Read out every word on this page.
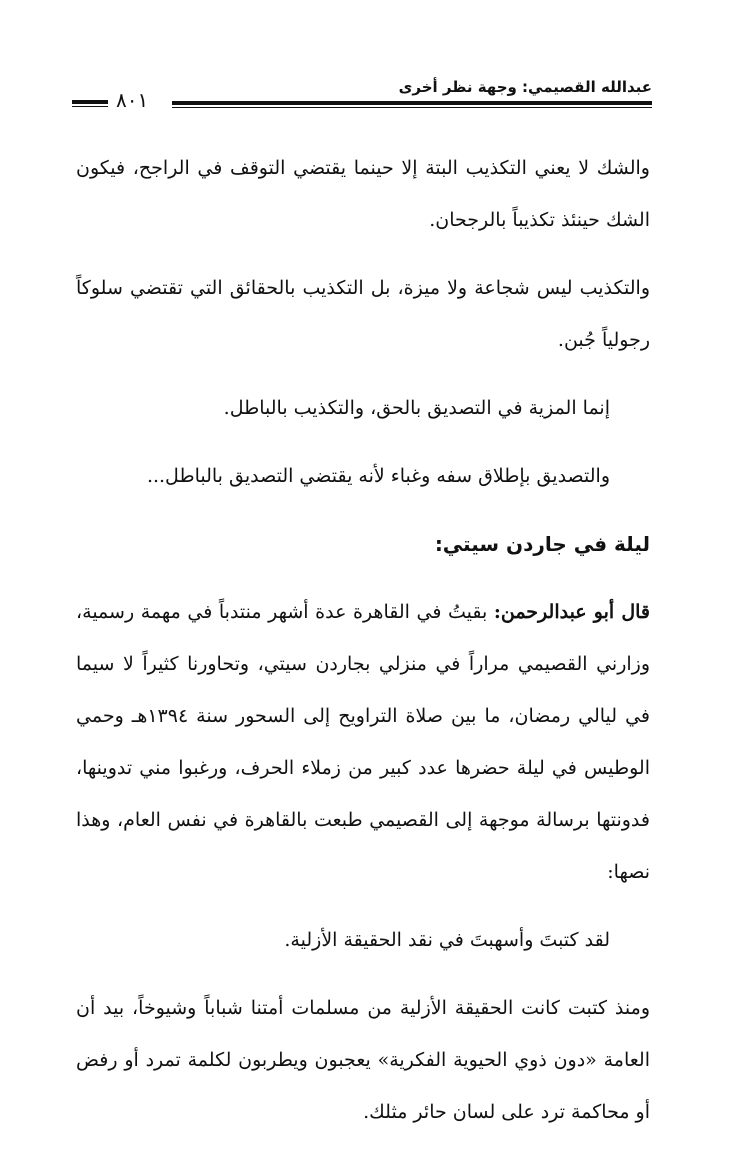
عبدالله القصيمي: وجهة نظر أخرى
٨٠١

والشك لا يعني التكذيب البتة إلا حينما يقتضي التوقف في الراجح، فيكون الشك حينئذ تكذيباً بالرجحان.

والتكذيب ليس شجاعة ولا ميزة، بل التكذيب بالحقائق التي تقتضي سلوكاً رجولياً جُبن.

إنما المزية في التصديق بالحق، والتكذيب بالباطل.

والتصديق بإطلاق سفه وغباء لأنه يقتضي التصديق بالباطل...

ليلة في جاردن سيتي:

قال أبو عبدالرحمن: بقيتُ في القاهرة عدة أشهر منتدباً في مهمة رسمية، وزارني القصيمي مراراً في منزلي بجاردن سيتي، وتحاورنا كثيراً لا سيما في ليالي رمضان، ما بين صلاة التراويح إلى السحور سنة ١٣٩٤هـ وحمي الوطيس في ليلة حضرها عدد كبير من زملاء الحرف، ورغبوا مني تدوينها، فدونتها برسالة موجهة إلى القصيمي طبعت بالقاهرة في نفس العام، وهذا نصها:

لقد كتبتَ وأسهبتَ في نقد الحقيقة الأزلية.

ومنذ كتبت كانت الحقيقة الأزلية من مسلمات أمتنا شباباً وشيوخاً، بيد أن العامة «دون ذوي الحيوية الفكرية» يعجبون ويطربون لكلمة تمرد أو رفض أو محاكمة ترد على لسان حائر مثلك.
